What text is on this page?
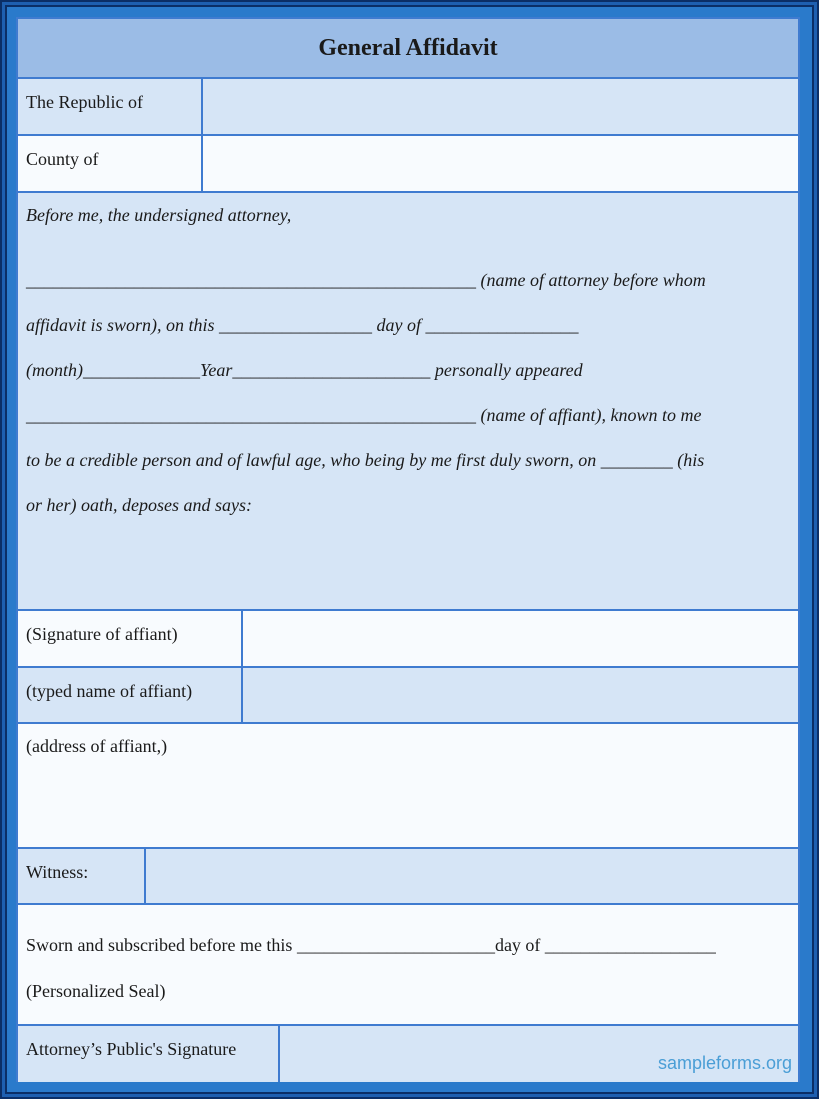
General Affidavit
The Republic of
County of
Before me, the undersigned attorney,
__________________________________________________ (name of attorney before whom
affidavit is sworn), on this _________________ day of _________________
(month)_____________Year______________________ personally appeared
__________________________________________________ (name of affiant), known to me
to be a credible person and of lawful age, who being by me first duly sworn, on ________ (his
or her) oath, deposes and says:
(Signature of affiant)
(typed name of affiant)
(address of affiant,)
Witness:
Sworn and subscribed before me this ______________________day of ___________________
(Personalized Seal)
Attorney’s Public's Signature
sampleforms.org
